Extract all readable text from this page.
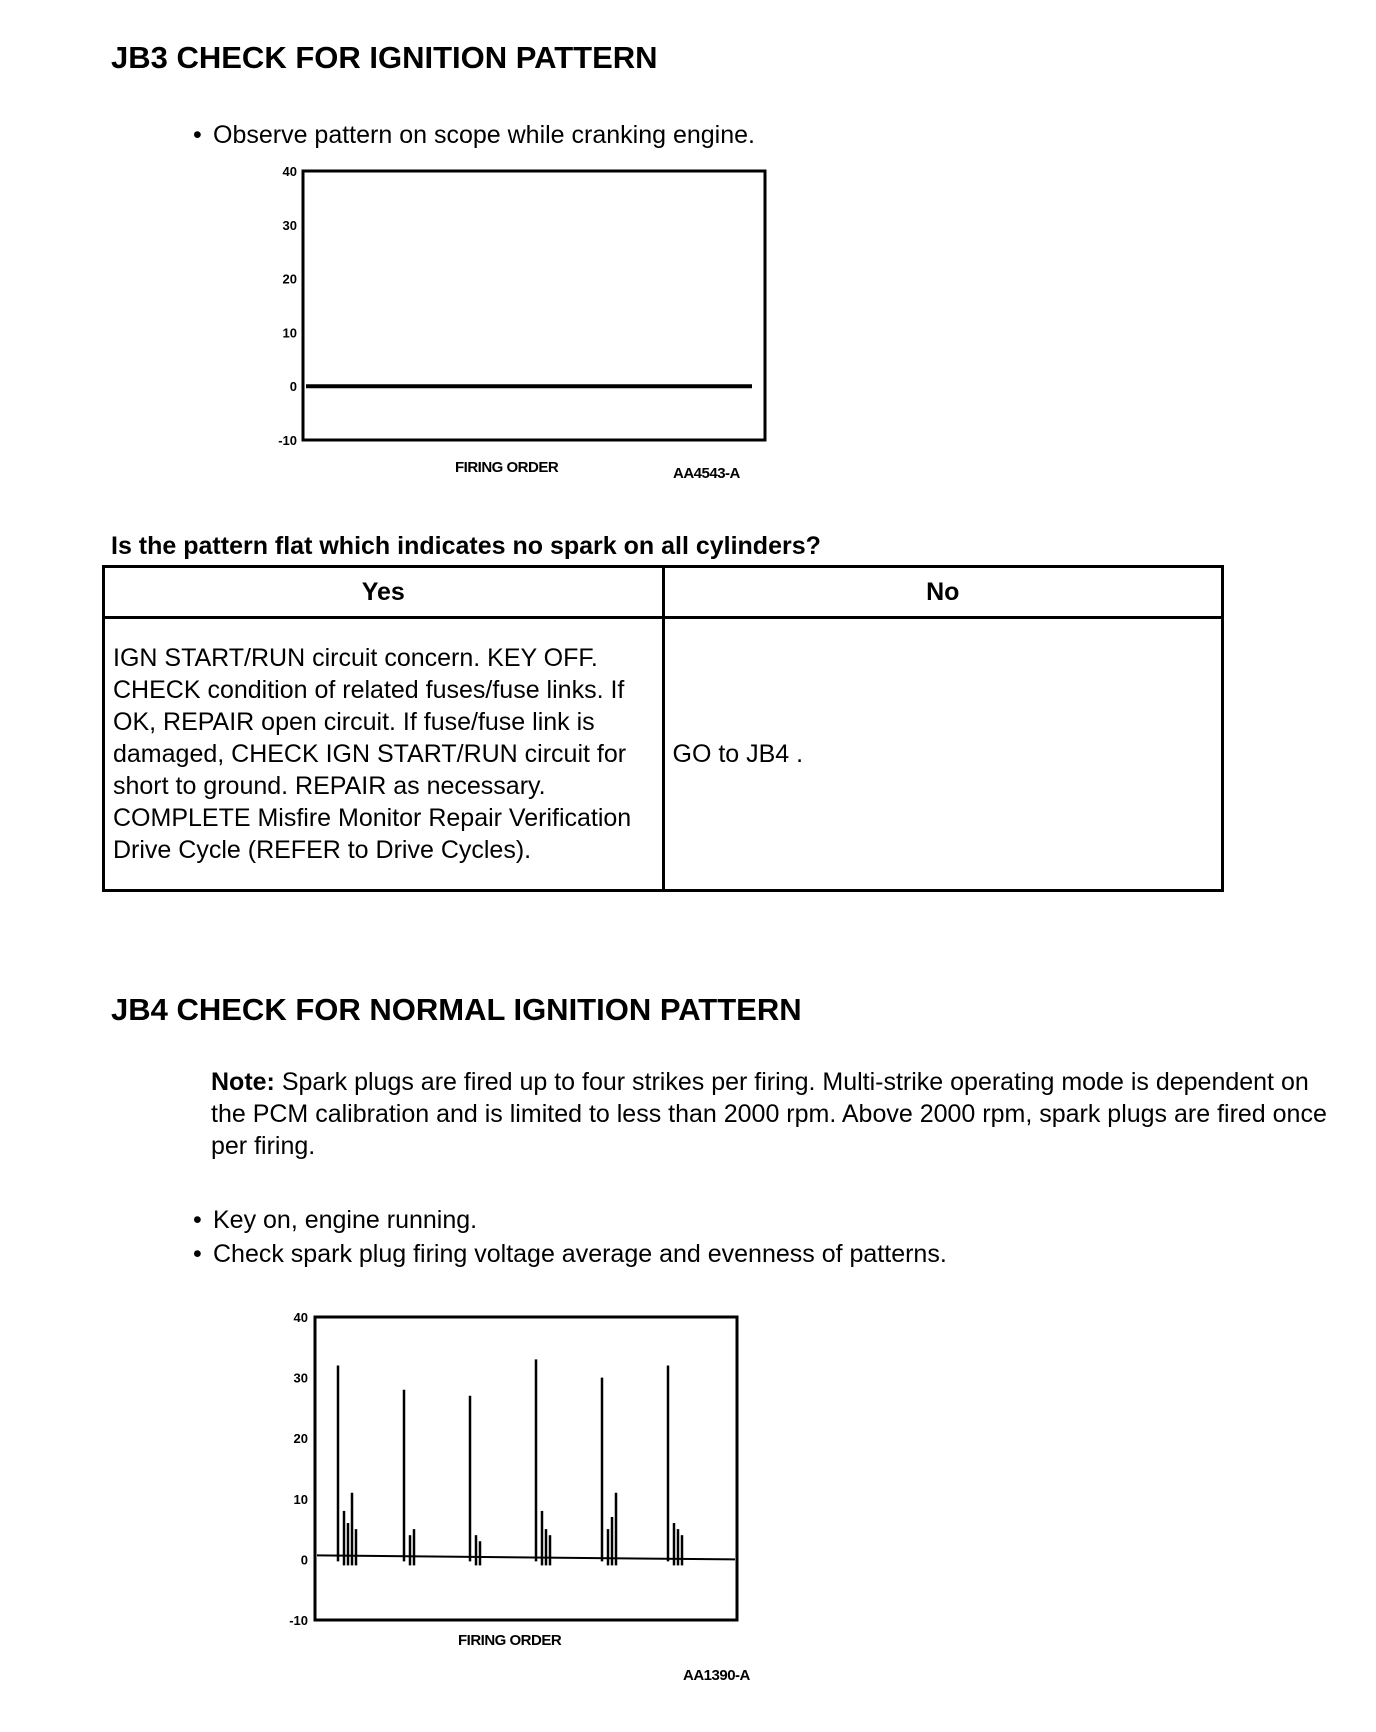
JB3 CHECK FOR IGNITION PATTERN
• Observe pattern on scope while cranking engine.
40
30
20
10
0
-10
FIRING ORDER	AA4543-A
Is the pattern flat which indicates no spark on all cylinders?
Yes	No
IGN START/RUN circuit concern. KEY OFF. CHECK condition of related fuses/fuse links. If OK, REPAIR open circuit. If fuse/fuse link is damaged, CHECK IGN START/RUN circuit for short to ground. REPAIR as necessary. COMPLETE Misfire Monitor Repair Verification Drive Cycle (REFER to Drive Cycles).	GO to JB4 .
JB4 CHECK FOR NORMAL IGNITION PATTERN
Note: Spark plugs are fired up to four strikes per firing. Multi-strike operating mode is dependent on the PCM calibration and is limited to less than 2000 rpm. Above 2000 rpm, spark plugs are fired once per firing.
• Key on, engine running.
• Check spark plug firing voltage average and evenness of patterns.
40
30
20
10
0
-10
FIRING ORDER
AA1390-A
